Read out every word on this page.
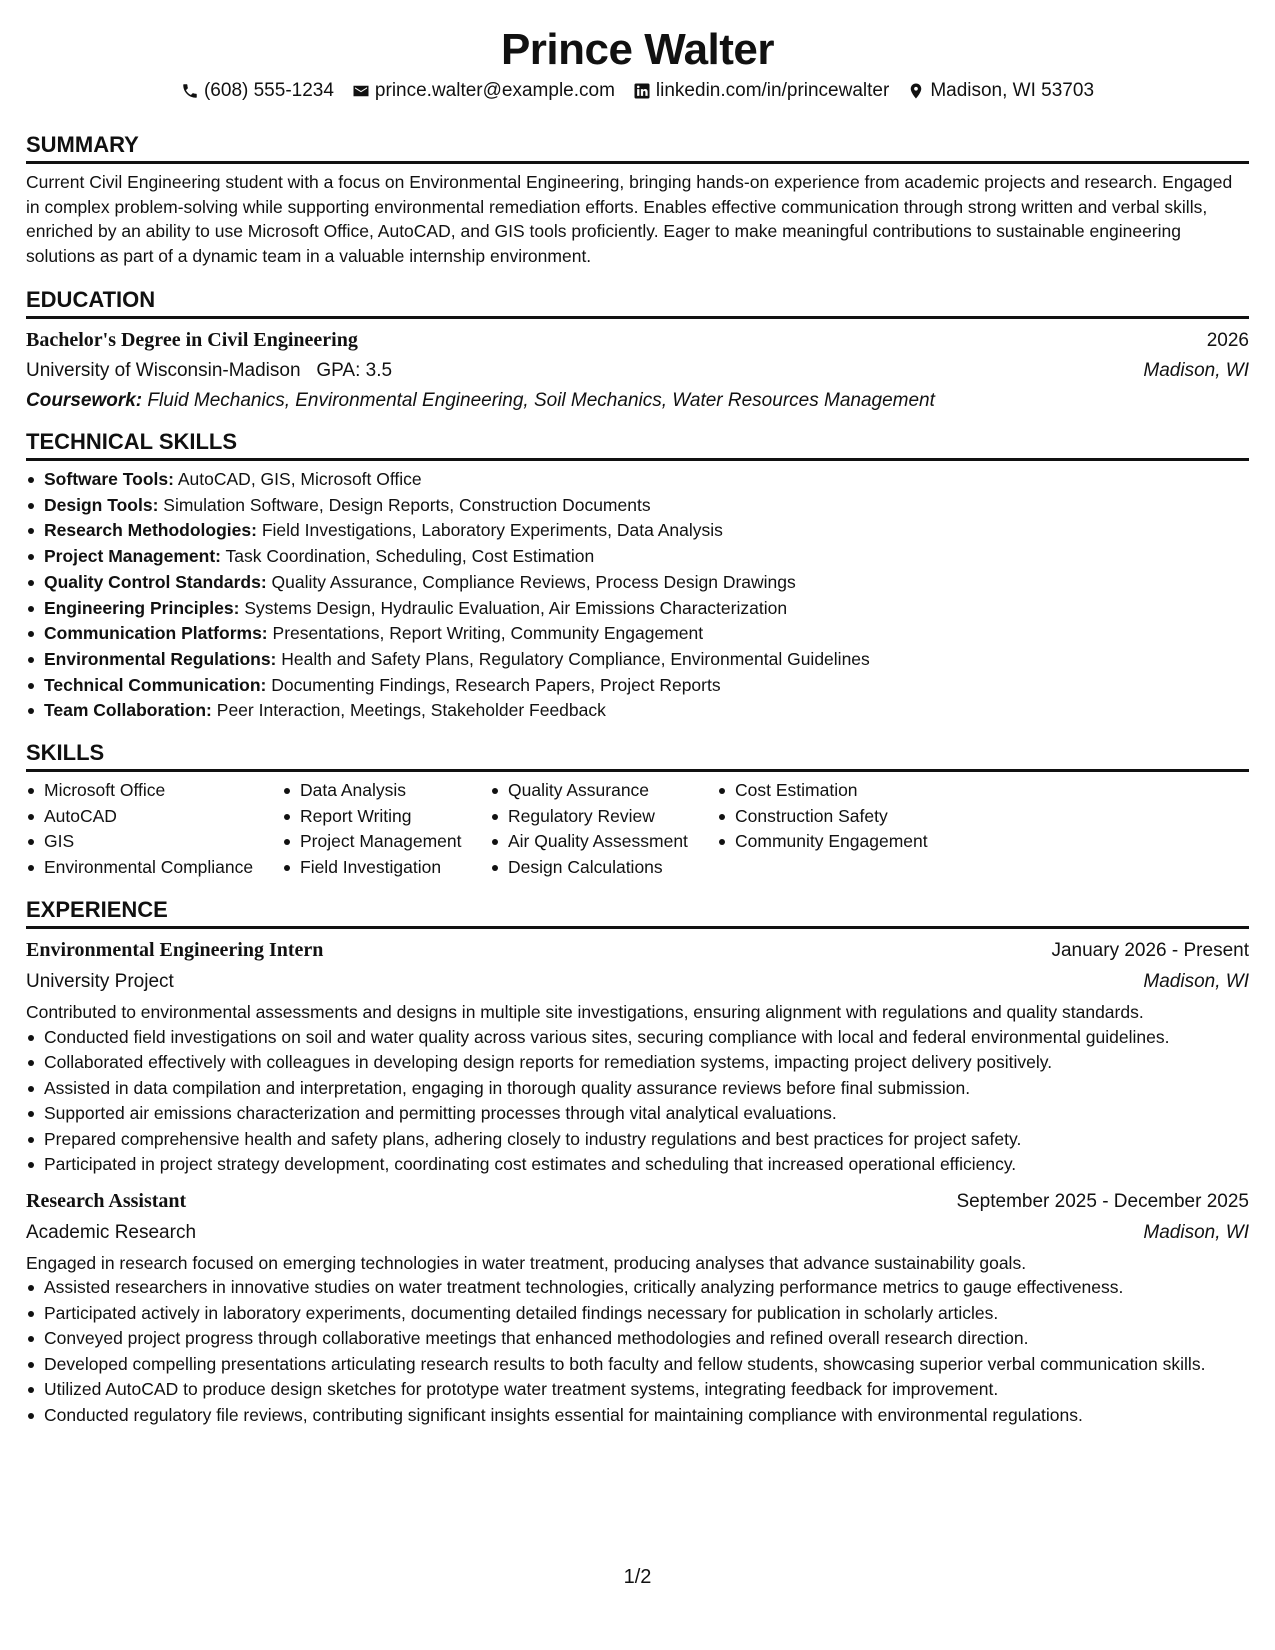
Prince Walter
(608) 555-1234 prince.walter@example.com linkedin.com/in/princewalter Madison, WI 53703
SUMMARY

Current Civil Engineering student with a focus on Environmental Engineering, bringing hands-on experience from academic projects and research. Engaged in complex problem-solving while supporting environmental remediation efforts. Enables effective communication through strong written and verbal skills, enriched by an ability to use Microsoft Office, AutoCAD, and GIS tools proficiently. Eager to make meaningful contributions to sustainable engineering solutions as part of a dynamic team in a valuable internship environment.

EDUCATION
Bachelor's Degree in Civil Engineering	2026
University of Wisconsin-Madison GPA: 3.5	Madison, WI
Coursework: Fluid Mechanics, Environmental Engineering, Soil Mechanics, Water Resources Management
TECHNICAL SKILLS
Software Tools: AutoCAD, GIS, Microsoft Office
Design Tools: Simulation Software, Design Reports, Construction Documents
Research Methodologies: Field Investigations, Laboratory Experiments, Data Analysis
Project Management: Task Coordination, Scheduling, Cost Estimation
Quality Control Standards: Quality Assurance, Compliance Reviews, Process Design Drawings
Engineering Principles: Systems Design, Hydraulic Evaluation, Air Emissions Characterization
Communication Platforms: Presentations, Report Writing, Community Engagement
Environmental Regulations: Health and Safety Plans, Regulatory Compliance, Environmental Guidelines
Technical Communication: Documenting Findings, Research Papers, Project Reports
Team Collaboration: Peer Interaction, Meetings, Stakeholder Feedback
SKILLS
Microsoft Office
AutoCAD
GIS
Environmental Compliance
Data Analysis
Report Writing
Project Management
Field Investigation
Quality Assurance
Regulatory Review
Air Quality Assessment
Design Calculations
Cost Estimation
Construction Safety
Community Engagement
EXPERIENCE
Environmental Engineering Intern	January 2026 - Present
University Project	Madison, WI

Contributed to environmental assessments and designs in multiple site investigations, ensuring alignment with regulations and quality standards.

Conducted field investigations on soil and water quality across various sites, securing compliance with local and federal environmental guidelines.
Collaborated effectively with colleagues in developing design reports for remediation systems, impacting project delivery positively.
Assisted in data compilation and interpretation, engaging in thorough quality assurance reviews before final submission.
Supported air emissions characterization and permitting processes through vital analytical evaluations.
Prepared comprehensive health and safety plans, adhering closely to industry regulations and best practices for project safety.
Participated in project strategy development, coordinating cost estimates and scheduling that increased operational efficiency.
Research Assistant	September 2025 - December 2025
Academic Research	Madison, WI

Engaged in research focused on emerging technologies in water treatment, producing analyses that advance sustainability goals.

Assisted researchers in innovative studies on water treatment technologies, critically analyzing performance metrics to gauge effectiveness.
Participated actively in laboratory experiments, documenting detailed findings necessary for publication in scholarly articles.
Conveyed project progress through collaborative meetings that enhanced methodologies and refined overall research direction.
Developed compelling presentations articulating research results to both faculty and fellow students, showcasing superior verbal communication skills.
Utilized AutoCAD to produce design sketches for prototype water treatment systems, integrating feedback for improvement.
Conducted regulatory file reviews, contributing significant insights essential for maintaining compliance with environmental regulations.
1/2
